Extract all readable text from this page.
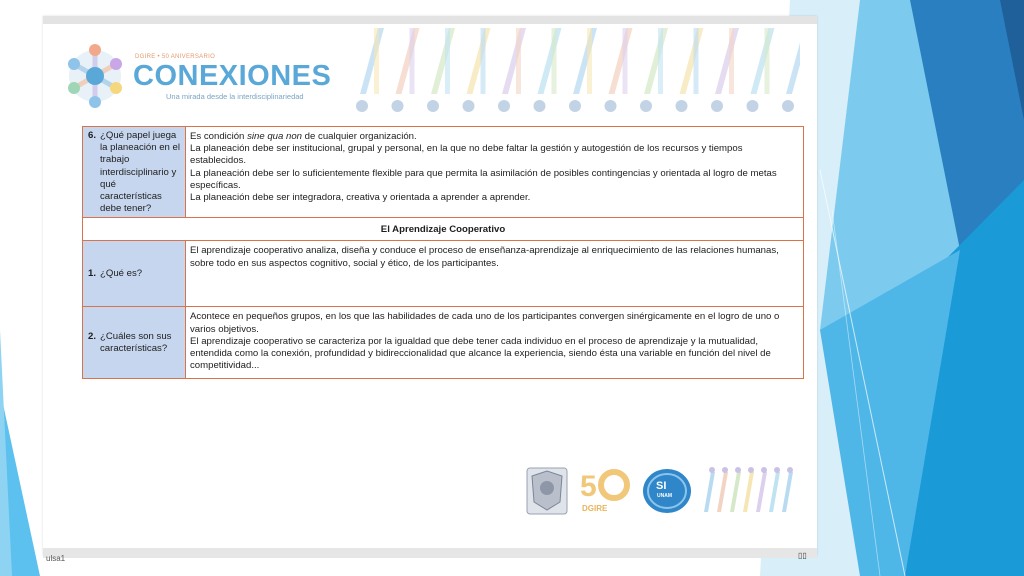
DGIRE • 50 ANIVERSARIO
CONEXIONES
Una mirada desde la interdisciplinariedad
6. ¿Qué papel juega la planeación en el trabajo interdisciplinario y qué características debe tener?	Es condición sine qua non de cualquier organización.

La planeación debe ser institucional, grupal y personal, en la que no debe faltar la gestión y autogestión de los recursos y tiempos establecidos.

La planeación debe ser lo suficientemente flexible para que permita la asimilación de posibles contingencias y orientada al logro de metas específicas.

La planeación debe ser integradora, creativa y orientada a aprender a aprender.

El Aprendizaje Cooperativo	
1. ¿Qué es?	El aprendizaje cooperativo analiza, diseña y conduce el proceso de enseñanza-aprendizaje al enriquecimiento de las relaciones humanas, sobre todo en sus aspectos cognitivo, social y ético, de los participantes.

2. ¿Cuáles son sus características?	Acontece en pequeños grupos, en los que las habilidades de cada uno de los participantes convergen sinérgicamente en el logro de uno o varios objetivos.

El aprendizaje cooperativo se caracteriza por la igualdad que debe tener cada individuo en el proceso de aprendizaje y la mutualidad, entendida como la conexión, profundidad y bidireccionalidad que alcance la experiencia, siendo ésta una variable en función del nivel de competitividad...

5
DGIRE
SI
UNAM
ulsa1	▯▯
